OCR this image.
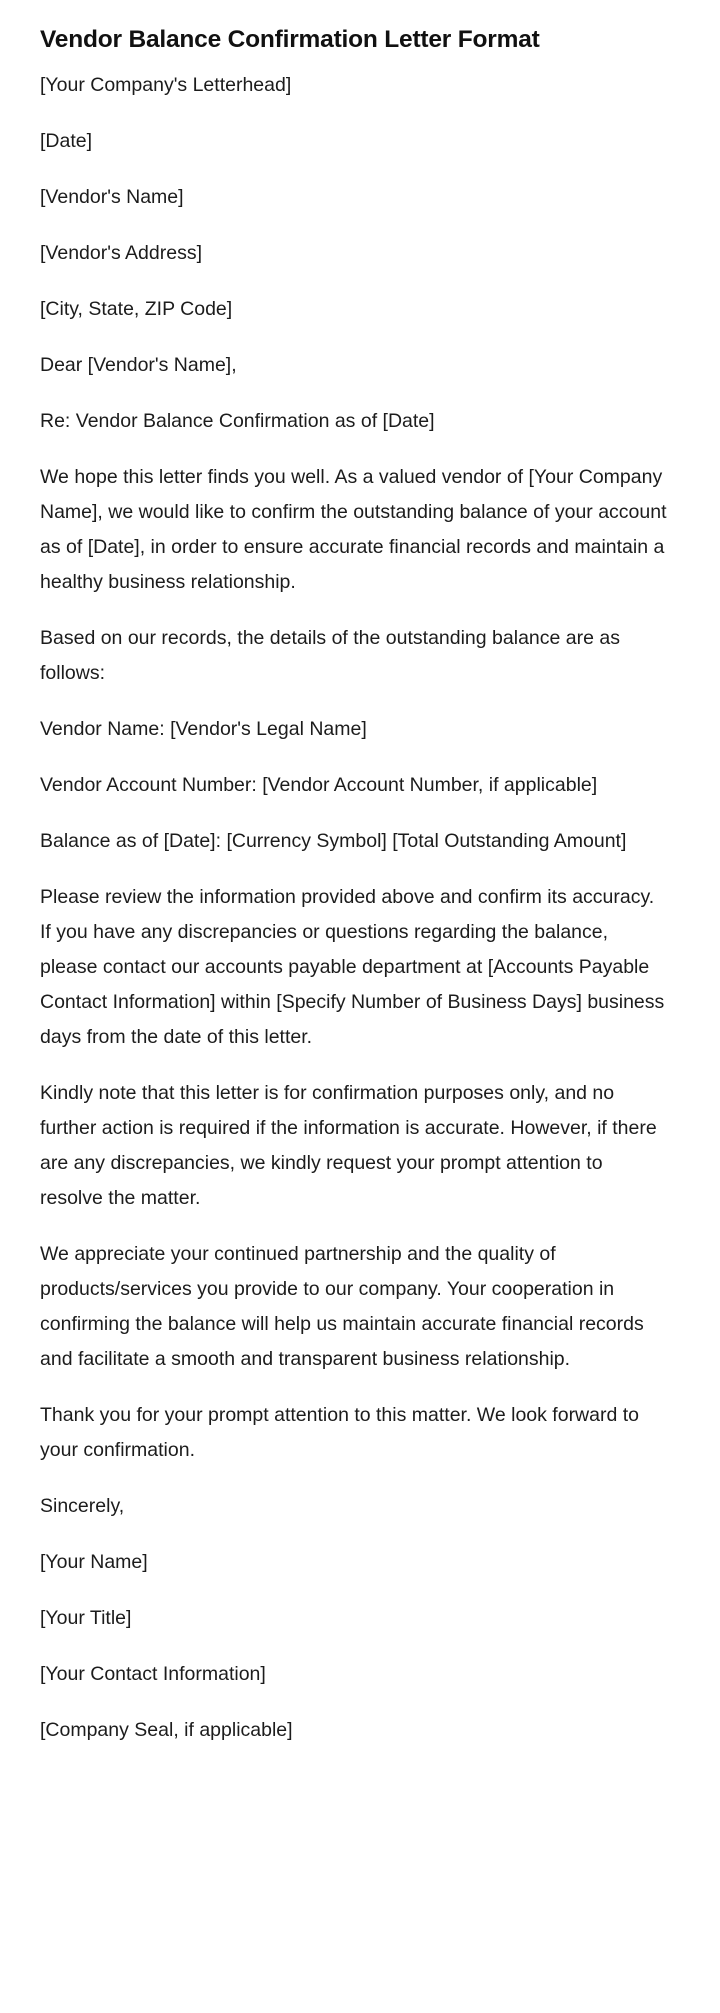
Vendor Balance Confirmation Letter Format

[Your Company's Letterhead]

[Date]

[Vendor's Name]

[Vendor's Address]

[City, State, ZIP Code]

Dear [Vendor's Name],

Re: Vendor Balance Confirmation as of [Date]

We hope this letter finds you well. As a valued vendor of [Your Company Name], we would like to confirm the outstanding balance of your account as of [Date], in order to ensure accurate financial records and maintain a healthy business relationship.

Based on our records, the details of the outstanding balance are as follows:

Vendor Name: [Vendor's Legal Name]

Vendor Account Number: [Vendor Account Number, if applicable]

Balance as of [Date]: [Currency Symbol] [Total Outstanding Amount]

Please review the information provided above and confirm its accuracy. If you have any discrepancies or questions regarding the balance, please contact our accounts payable department at [Accounts Payable Contact Information] within [Specify Number of Business Days] business days from the date of this letter.

Kindly note that this letter is for confirmation purposes only, and no further action is required if the information is accurate. However, if there are any discrepancies, we kindly request your prompt attention to resolve the matter.

We appreciate your continued partnership and the quality of products/services you provide to our company. Your cooperation in confirming the balance will help us maintain accurate financial records and facilitate a smooth and transparent business relationship.

Thank you for your prompt attention to this matter. We look forward to your confirmation.

Sincerely,

[Your Name]

[Your Title]

[Your Contact Information]

[Company Seal, if applicable]
